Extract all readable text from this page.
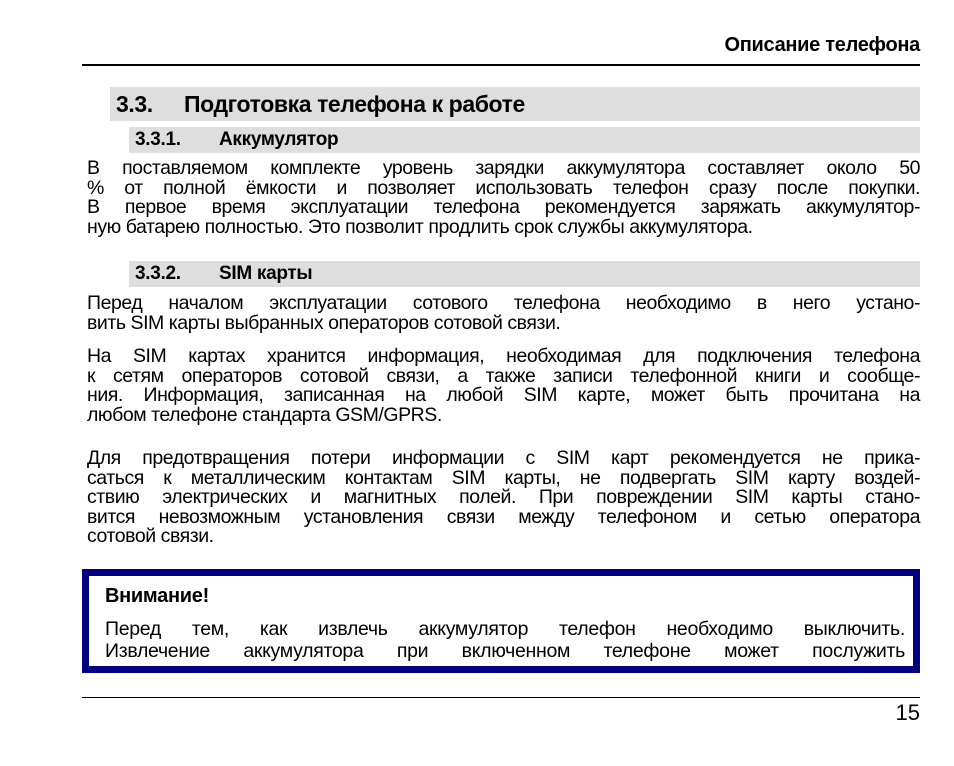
Описание телефона
3.3. Подготовка телефона к работе
3.3.1. Аккумулятор
В поставляемом комплекте уровень зарядки аккумулятора составляет около 50
% от полной ёмкости и позволяет использовать телефон сразу после покупки.
В первое время эксплуатации телефона рекомендуется заряжать аккумулятор-
ную батарею полностью. Это позволит продлить срок службы аккумулятора.
3.3.2. SIM карты
Перед началом эксплуатации сотового телефона необходимо в него устано-
вить SIM карты выбранных операторов сотовой связи.
На SIM картах хранится информация, необходимая для подключения телефона
к сетям операторов сотовой связи, а также записи телефонной книги и сообще-
ния. Информация, записанная на любой SIM карте, может быть прочитана на
любом телефоне стандарта GSM/GPRS.
Для предотвращения потери информации с SIM карт рекомендуется не прика-
саться к металлическим контактам SIM карты, не подвергать SIM карту воздей-
ствию электрических и магнитных полей. При повреждении SIM карты стано-
вится невозможным установления связи между телефоном и сетью оператора
сотовой связи.
Внимание!
Перед тем, как извлечь аккумулятор телефон необходимо выключить.
Извлечение аккумулятора при включенном телефоне может послужить
15
